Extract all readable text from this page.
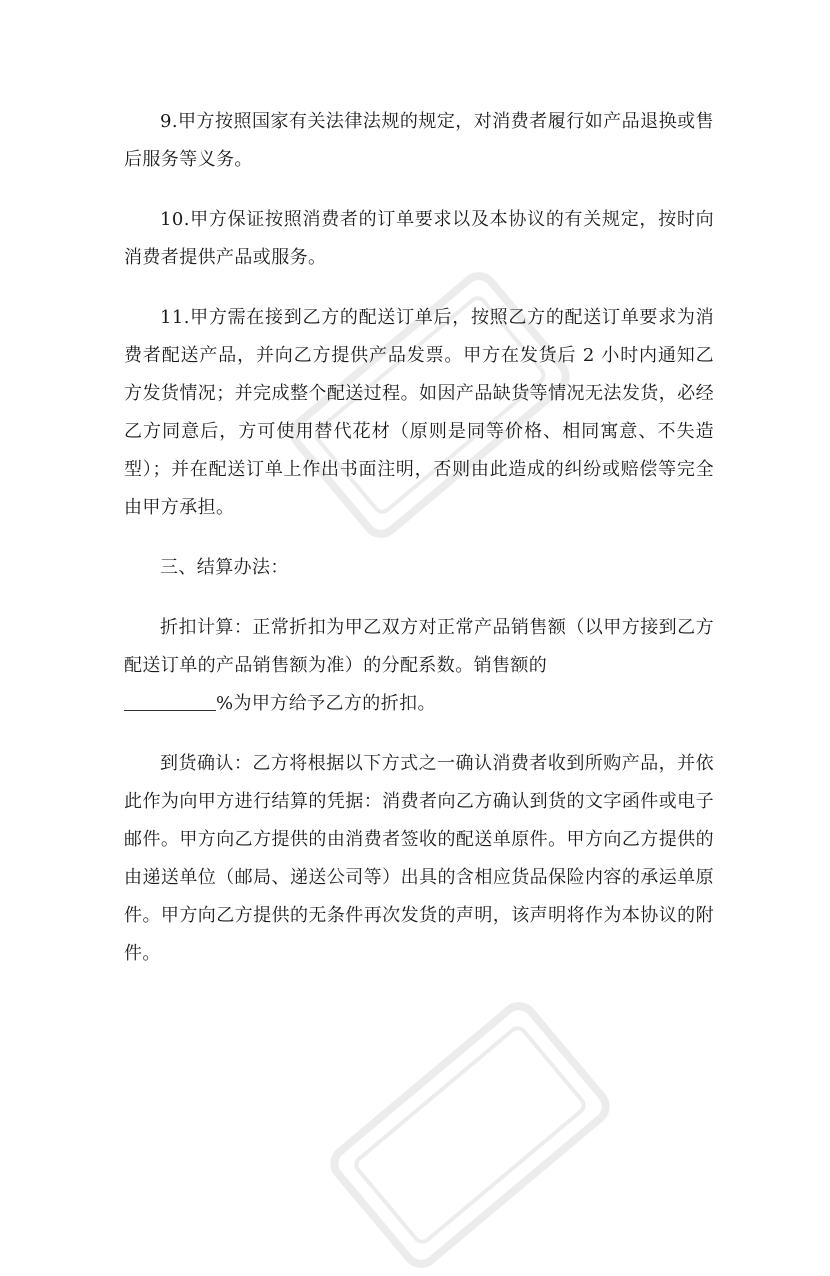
9.甲方按照国家有关法律法规的规定，对消费者履行如产品退换或售后服务等义务。

10.甲方保证按照消费者的订单要求以及本协议的有关规定，按时向消费者提供产品或服务。

11.甲方需在接到乙方的配送订单后，按照乙方的配送订单要求为消费者配送产品，并向乙方提供产品发票。甲方在发货后 2 小时内通知乙方发货情况；并完成整个配送过程。如因产品缺货等情况无法发货，必经乙方同意后，方可使用替代花材（原则是同等价格、相同寓意、不失造型）；并在配送订单上作出书面注明，否则由此造成的纠纷或赔偿等完全由甲方承担。

三、结算办法：

折扣计算：正常折扣为甲乙双方对正常产品销售额（以甲方接到乙方配送订单的产品销售额为准）的分配系数。销售额的
%为甲方给予乙方的折扣。

到货确认：乙方将根据以下方式之一确认消费者收到所购产品，并依此作为向甲方进行结算的凭据：消费者向乙方确认到货的文字函件或电子邮件。甲方向乙方提供的由消费者签收的配送单原件。甲方向乙方提供的由递送单位（邮局、递送公司等）出具的含相应货品保险内容的承运单原件。甲方向乙方提供的无条件再次发货的声明，该声明将作为本协议的附件。
